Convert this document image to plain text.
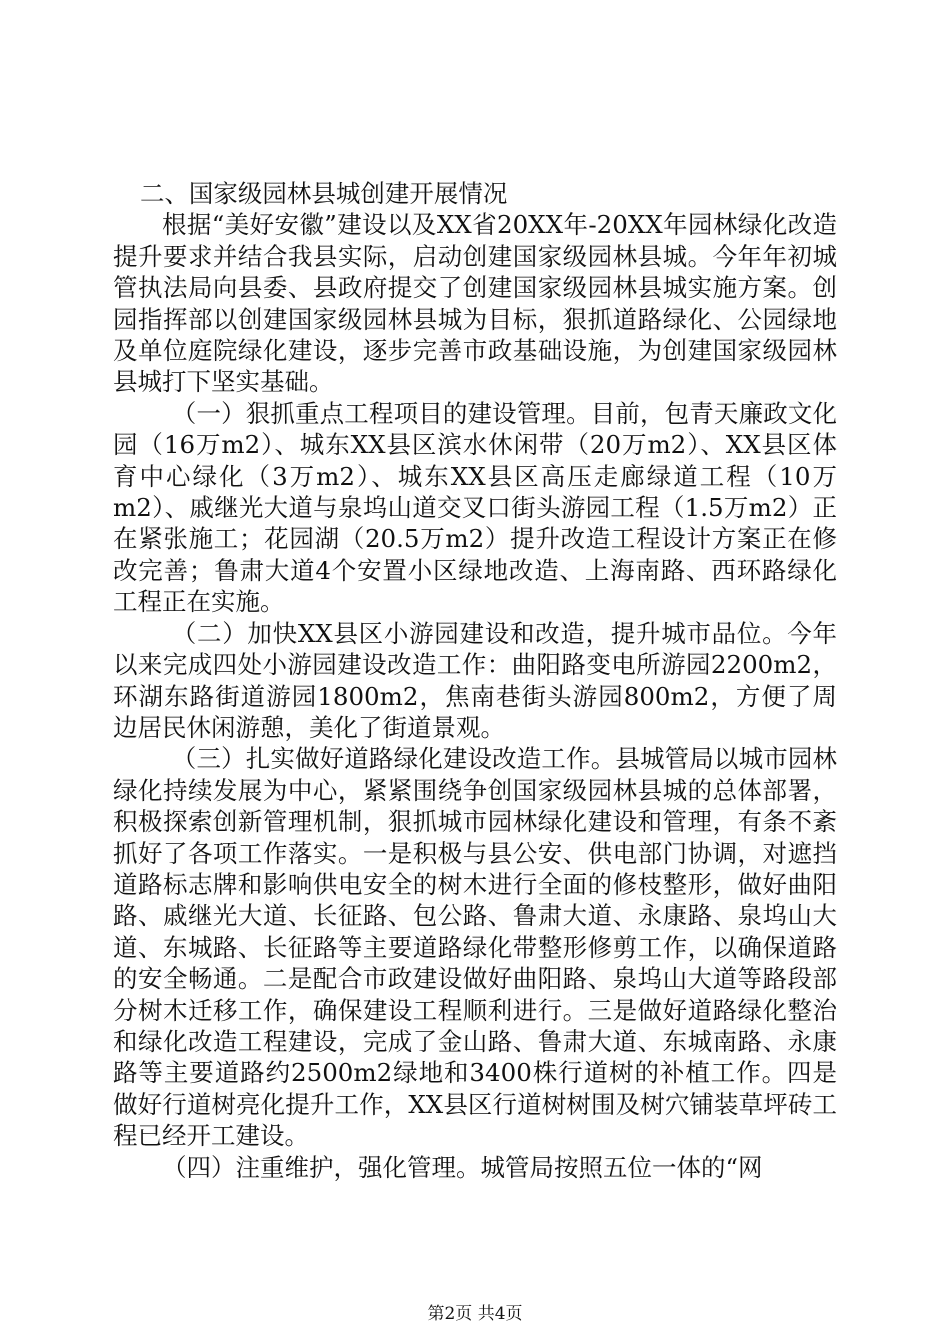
二、国家级园林县城创建开展情况

根据“美好安徽”建设以及XX省20XX年-20XX年园林绿化改造提升要求并结合我县实际，启动创建国家级园林县城。今年年初城管执法局向县委、县政府提交了创建国家级园林县城实施方案。创园指挥部以创建国家级园林县城为目标，狠抓道路绿化、公园绿地及单位庭院绿化建设，逐步完善市政基础设施，为创建国家级园林县城打下坚实基础。

（一）狠抓重点工程项目的建设管理。目前，包青天廉政文化园（16万m2）、城东XX县区滨水休闲带（20万m2）、XX县区体育中心绿化（3万m2）、城东XX县区高压走廊绿道工程（10万m2）、戚继光大道与泉坞山道交叉口街头游园工程（1.5万m2）正在紧张施工；花园湖（20.5万m2）提升改造工程设计方案正在修改完善；鲁肃大道4个安置小区绿地改造、上海南路、西环路绿化工程正在实施。

（二）加快XX县区小游园建设和改造，提升城市品位。今年以来完成四处小游园建设改造工作：曲阳路变电所游园2200m2，环湖东路街道游园1800m2，焦南巷街头游园800m2，方便了周边居民休闲游憩，美化了街道景观。

（三）扎实做好道路绿化建设改造工作。县城管局以城市园林绿化持续发展为中心，紧紧围绕争创国家级园林县城的总体部署，积极探索创新管理机制，狠抓城市园林绿化建设和管理，有条不紊抓好了各项工作落实。一是积极与县公安、供电部门协调，对遮挡道路标志牌和影响供电安全的树木进行全面的修枝整形，做好曲阳路、戚继光大道、长征路、包公路、鲁肃大道、永康路、泉坞山大道、东城路、长征路等主要道路绿化带整形修剪工作，以确保道路的安全畅通。二是配合市政建设做好曲阳路、泉坞山大道等路段部分树木迁移工作，确保建设工程顺利进行。三是做好道路绿化整治和绿化改造工程建设，完成了金山路、鲁肃大道、东城南路、永康路等主要道路约2500m2绿地和3400株行道树的补植工作。四是做好行道树亮化提升工作，XX县区行道树树围及树穴铺装草坪砖工程已经开工建设。

（四）注重维护，强化管理。城管局按照五位一体的“网

第2页 共4页
